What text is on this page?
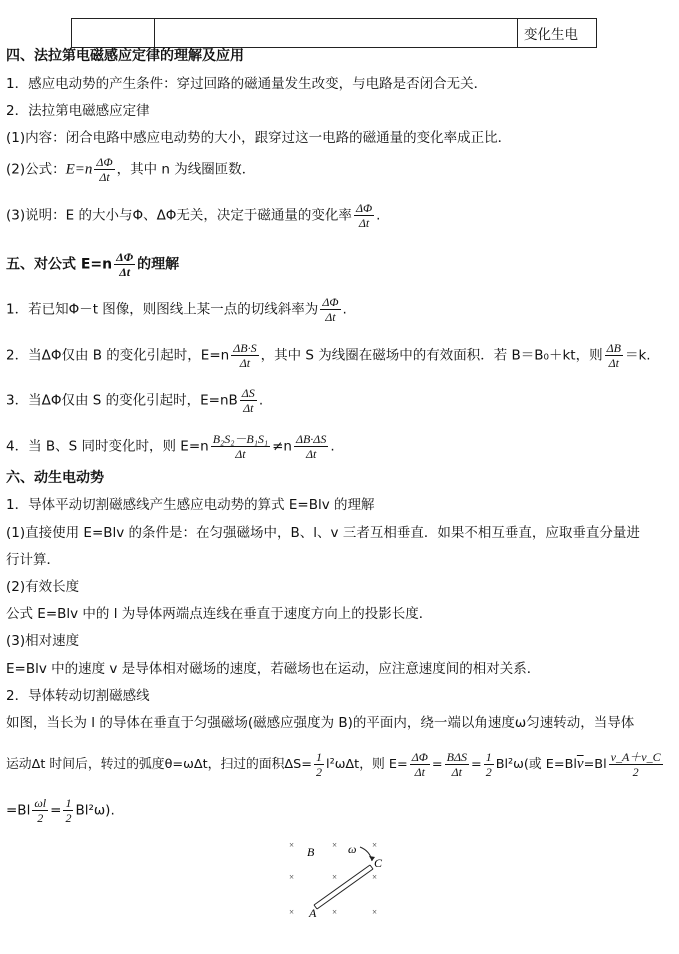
		变化生电
四、法拉第电磁感应定律的理解及应用
1．感应电动势的产生条件：穿过回路的磁通量发生改变，与电路是否闭合无关．
2．法拉第电磁感应定律
(1)内容：闭合电路中感应电动势的大小，跟穿过这一电路的磁通量的变化率成正比．
(2)公式：$E=n \frac{\Delta\Phi}{\Delta t}$ ，其中 n 为线圈匝数．
(3)说明：E 的大小与Φ、ΔΦ无关，决定于磁通量的变化率 $\frac{\Delta\Phi}{\Delta t}$ .
五、对公式 $E=n \frac{\Delta\Phi}{\Delta t}$ 的理解
1．若已知Φ－t 图像，则图线上某一点的切线斜率为 $\frac{\Delta\Phi}{\Delta t}$ .
2．当ΔΦ仅由 B 的变化引起时，$E=n \frac{\Delta B\cdot S}{\Delta t}$ ，其中 S 为线圈在磁场中的有效面积．若 B＝B₀＋kt，则 $\frac{\Delta B}{\Delta t} =k$.
3．当ΔΦ仅由 S 的变化引起时，$E=nB \frac{\Delta S}{\Delta t}$ .
4．当 B、S 同时变化时，则 $E=n \frac{\text{B₂S₂－B₁S₁}}{\Delta t} \ne n \frac{\Delta B\cdot\Delta S}{\Delta t}$ .
六、动生电动势
1．导体平动切割磁感线产生感应电动势的算式 E=Blv 的理解
(1)直接使用 E=Blv 的条件是：在匀强磁场中，B、l、v 三者互相垂直．如果不相互垂直，应取垂直分量进
行计算．
(2)有效长度
公式 E=Blv 中的 l 为导体两端点连线在垂直于速度方向上的投影长度．
(3)相对速度
E=Blv 中的速度 v 是导体相对磁场的速度，若磁场也在运动，应注意速度间的相对关系．
2．导体转动切割磁感线
如图，当长为 l 的导体在垂直于匀强磁场(磁感应强度为 B)的平面内，绕一端以角速度ω匀速转动，当导体
运动Δt 时间后，转过的弧度θ=ωΔt，扫过的面积$\Delta S= \frac{1}{2} l^2\omega\Delta t$，则 $E= \frac{\Delta\Phi}{\Delta t} = \frac{\text{BΔS}}{\Delta t} = \frac{1}{2} Bl^2\omega$(或 $E=Bl\overline{v}=Bl \frac{v\_A+v\_C}{2}$
$=Bl \frac{\omega l}{2} = \frac{1}{2} Bl^2\omega$).
×	×	×
×	×	×
×	×	×
B	ω
C
A
